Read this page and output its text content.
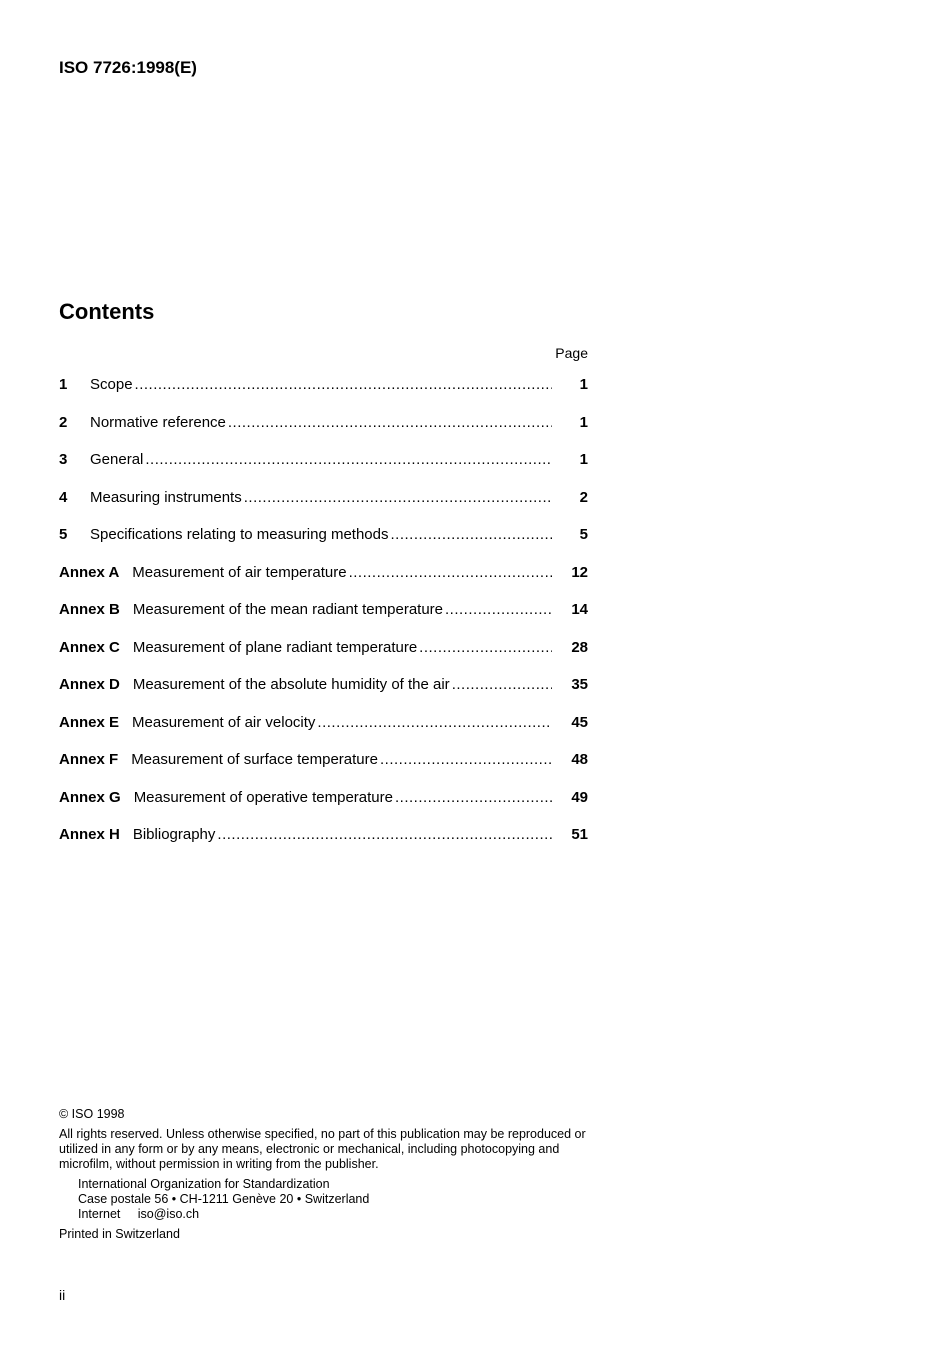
ISO 7726:1998(E)
Contents
Page
1	Scope .....	1
2	Normative reference .....	1
3	General .....	1
4	Measuring instruments .....	2
5	Specifications relating to measuring methods .....	5
Annex A Measurement of air temperature .....	12
Annex B Measurement of the mean radiant temperature .....	14
Annex C Measurement of plane radiant temperature .....	28
Annex D Measurement of the absolute humidity of the air .....	35
Annex E Measurement of air velocity .....	45
Annex F Measurement of surface temperature .....	48
Annex G Measurement of operative temperature .....	49
Annex H Bibliography .....	51

© ISO 1998

All rights reserved. Unless otherwise specified, no part of this publication may be reproduced or utilized in any form or by any means, electronic or mechanical, including photocopying and microfilm, without permission in writing from the publisher.

International Organization for Standardization

Case postale 56 • CH-1211 Genève 20 • Switzerland

Internet     iso@iso.ch

Printed in Switzerland

ii
